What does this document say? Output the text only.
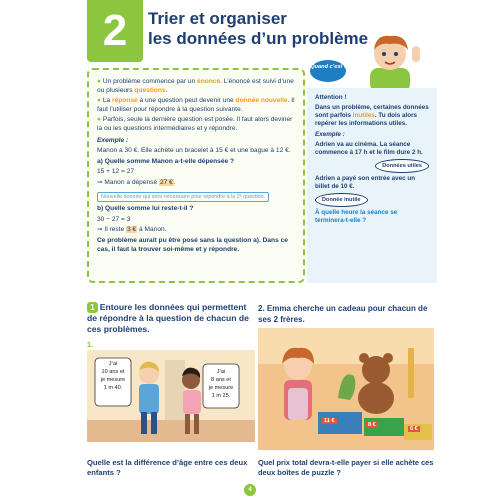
2	Trier et organiser
les données d’un problème

● Un problème commence par un énoncé. L’énoncé est suivi d’une ou plusieurs questions.

● La réponse à une question peut devenir une donnée nouvelle. Il faut l’utiliser pour répondre à la question suivante.

● Parfois, seule la dernière question est posée. Il faut alors deviner la ou les questions intermédiaires et y répondre.

Exemple :

Manon a 30 €. Elle achète un bracelet à 15 € et une bague à 12 €.

a) Quelle somme Manon a-t-elle dépensée ?

15 + 12 = 27

➞ Manon a dépensé 27 €.

Nouvelle donnée qui sera nécessaire pour répondre à la 2ᵉ question.

b) Quelle somme lui reste-t-il ?

30 − 27 = 3

➞ Il reste 3 € à Manon.

Ce problème aurait pu être posé sans la question a). Dans ce cas, il faut la trouver soi-même et y répondre.

Quand c’est !

Attention !

Dans un problème, certaines données sont parfois inutiles. Tu dois alors repérer les informations utiles.

Exemple :

Adrien va au cinéma. La séance commence à 17 h et le film dure 2 h.

Données utiles

Adrien a payé son entrée avec un billet de 10 €.

Donnée inutile

À quelle heure la séance se terminera-t-elle ?

1 Entoure les données qui permettent de répondre à la question de chacun de ces problèmes.
1.
J’ai
10 ans et
je mesure
1 m 40.
J’ai
8 ans et
je mesure
1 m 25.
Quelle est la différence d’âge entre ces deux enfants ?
2. Emma cherche un cadeau pour chacun de ses 2 frères.
11 €
8 €
6 €
Quel prix total devra-t-elle payer si elle achète ces deux boîtes de puzzle ?
4
